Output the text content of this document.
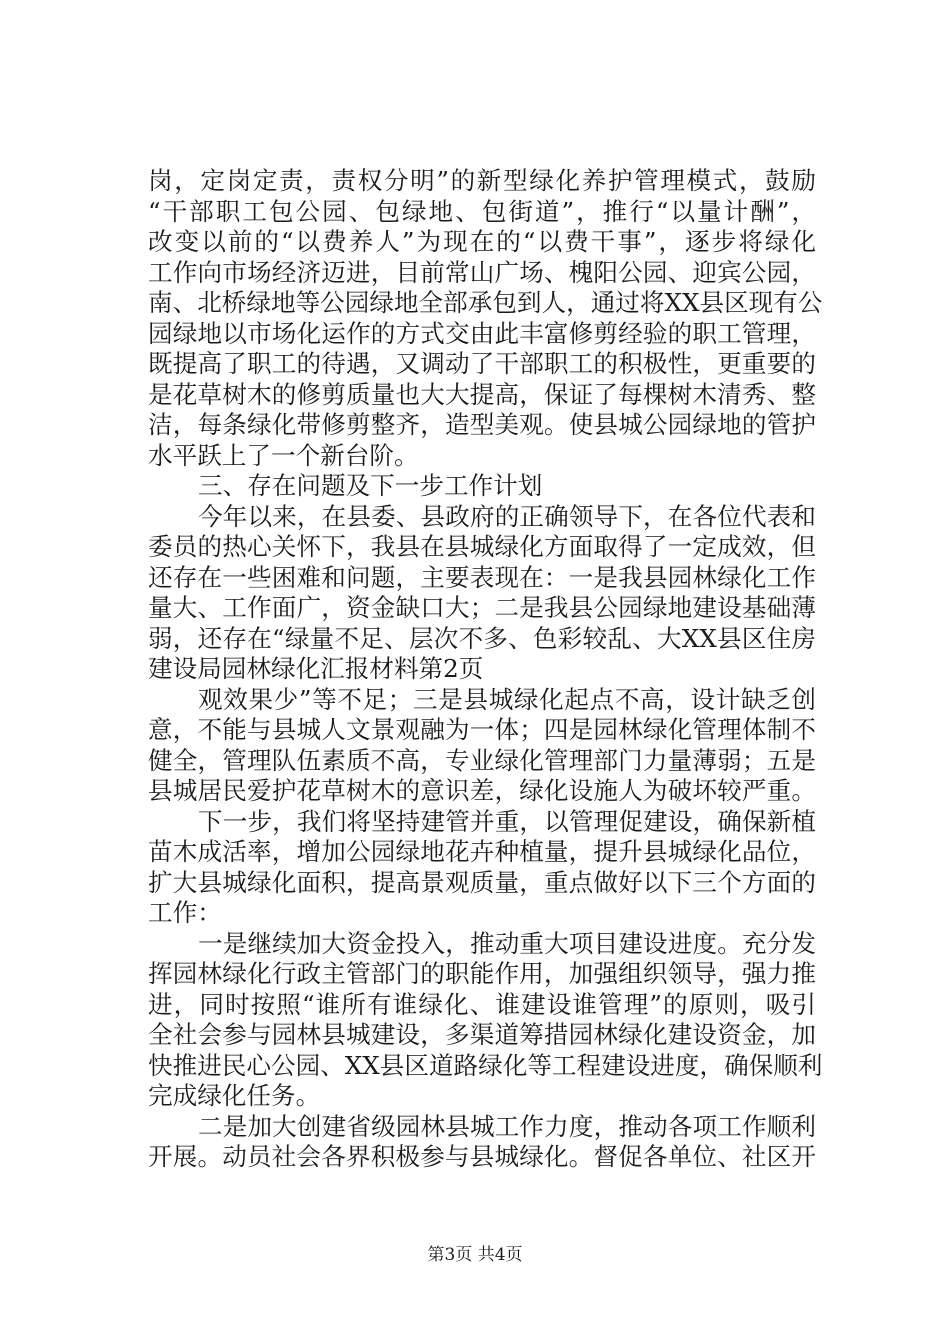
岗，定岗定责，责权分明”的新型绿化养护管理模式，鼓励
“干部职工包公园、包绿地、包街道”，推行“以量计酬”，
改变以前的“以费养人”为现在的“以费干事”，逐步将绿化
工作向市场经济迈进，目前常山广场、槐阳公园、迎宾公园，
南、北桥绿地等公园绿地全部承包到人，通过将XX县区现有公
园绿地以市场化运作的方式交由此丰富修剪经验的职工管理，
既提高了职工的待遇，又调动了干部职工的积极性，更重要的
是花草树木的修剪质量也大大提高，保证了每棵树木清秀、整
洁，每条绿化带修剪整齐，造型美观。使县城公园绿地的管护
水平跃上了一个新台阶。
三、存在问题及下一步工作计划
今年以来，在县委、县政府的正确领导下，在各位代表和
委员的热心关怀下，我县在县城绿化方面取得了一定成效，但
还存在一些困难和问题，主要表现在：一是我县园林绿化工作
量大、工作面广，资金缺口大；二是我县公园绿地建设基础薄
弱，还存在“绿量不足、层次不多、色彩较乱、大XX县区住房
建设局园林绿化汇报材料第2页
观效果少”等不足；三是县城绿化起点不高，设计缺乏创
意，不能与县城人文景观融为一体；四是园林绿化管理体制不
健全，管理队伍素质不高，专业绿化管理部门力量薄弱；五是
县城居民爱护花草树木的意识差，绿化设施人为破坏较严重。
下一步，我们将坚持建管并重，以管理促建设，确保新植
苗木成活率，增加公园绿地花卉种植量，提升县城绿化品位，
扩大县城绿化面积，提高景观质量，重点做好以下三个方面的
工作：
一是继续加大资金投入，推动重大项目建设进度。充分发
挥园林绿化行政主管部门的职能作用，加强组织领导，强力推
进，同时按照“谁所有谁绿化、谁建设谁管理”的原则，吸引
全社会参与园林县城建设，多渠道筹措园林绿化建设资金，加
快推进民心公园、XX县区道路绿化等工程建设进度，确保顺利
完成绿化任务。
二是加大创建省级园林县城工作力度，推动各项工作顺利
开展。动员社会各界积极参与县城绿化。督促各单位、社区开
第3页 共4页
